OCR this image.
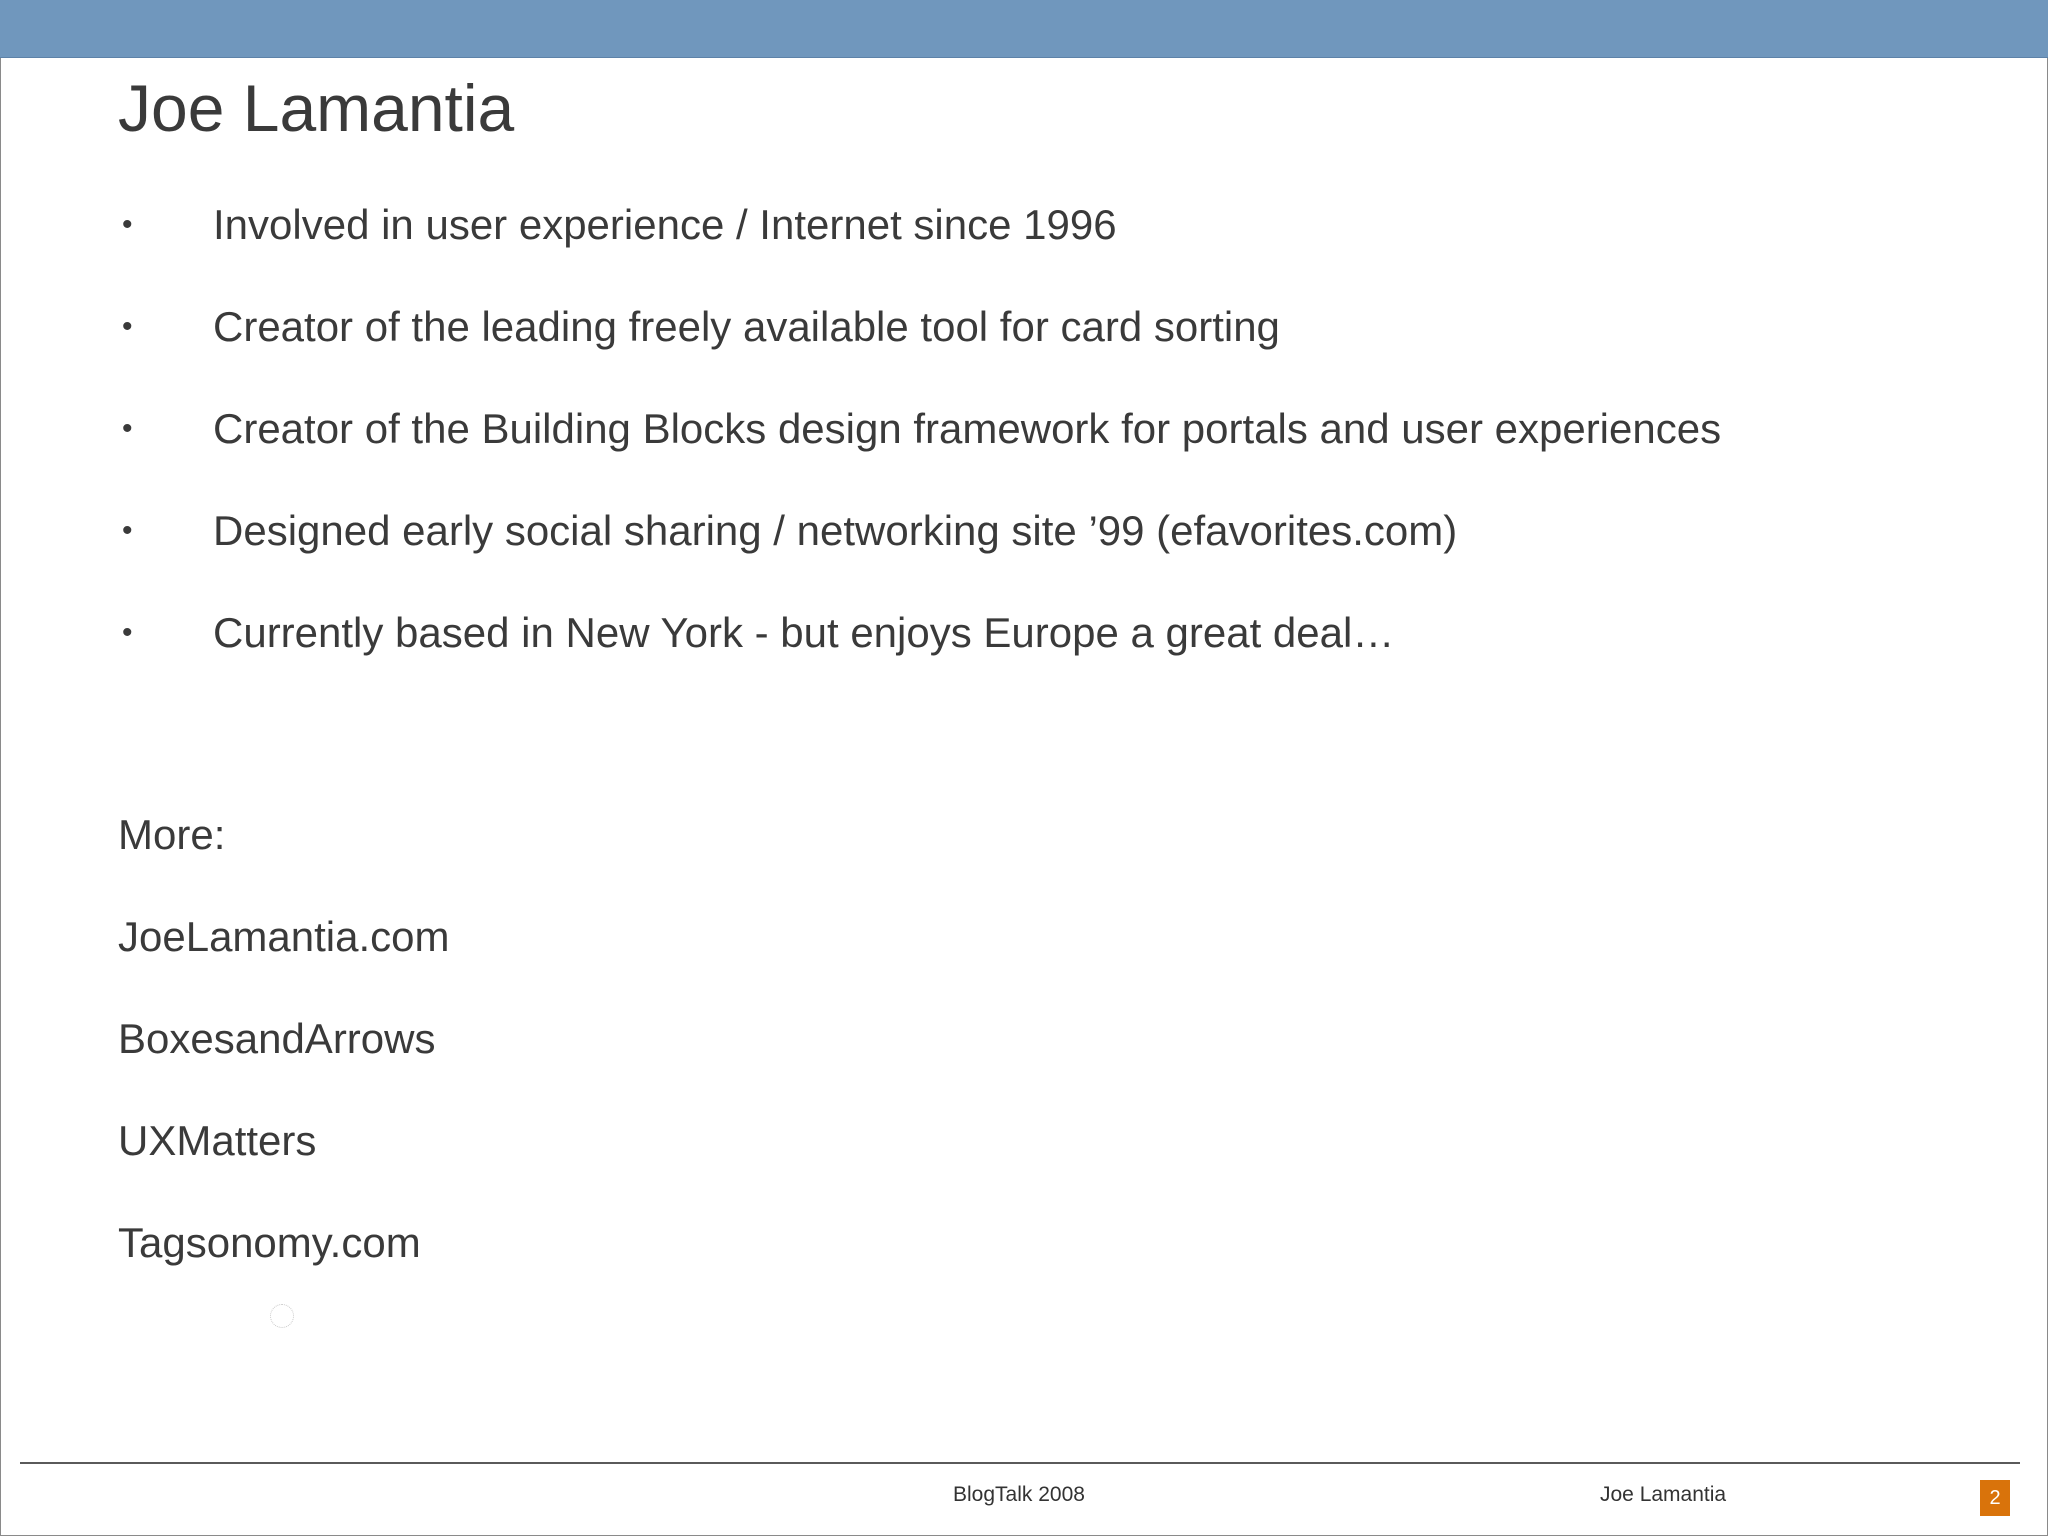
Joe Lamantia
• Involved in user experience / Internet since 1996
• Creator of the leading freely available tool for card sorting
• Creator of the Building Blocks design framework for portals and user experiences
• Designed early social sharing / networking site ’99 (efavorites.com)
• Currently based in New York - but enjoys Europe a great deal…
More:
JoeLamantia.com
BoxesandArrows
UXMatters
Tagsonomy.com
BlogTalk 2008	Joe Lamantia	2
